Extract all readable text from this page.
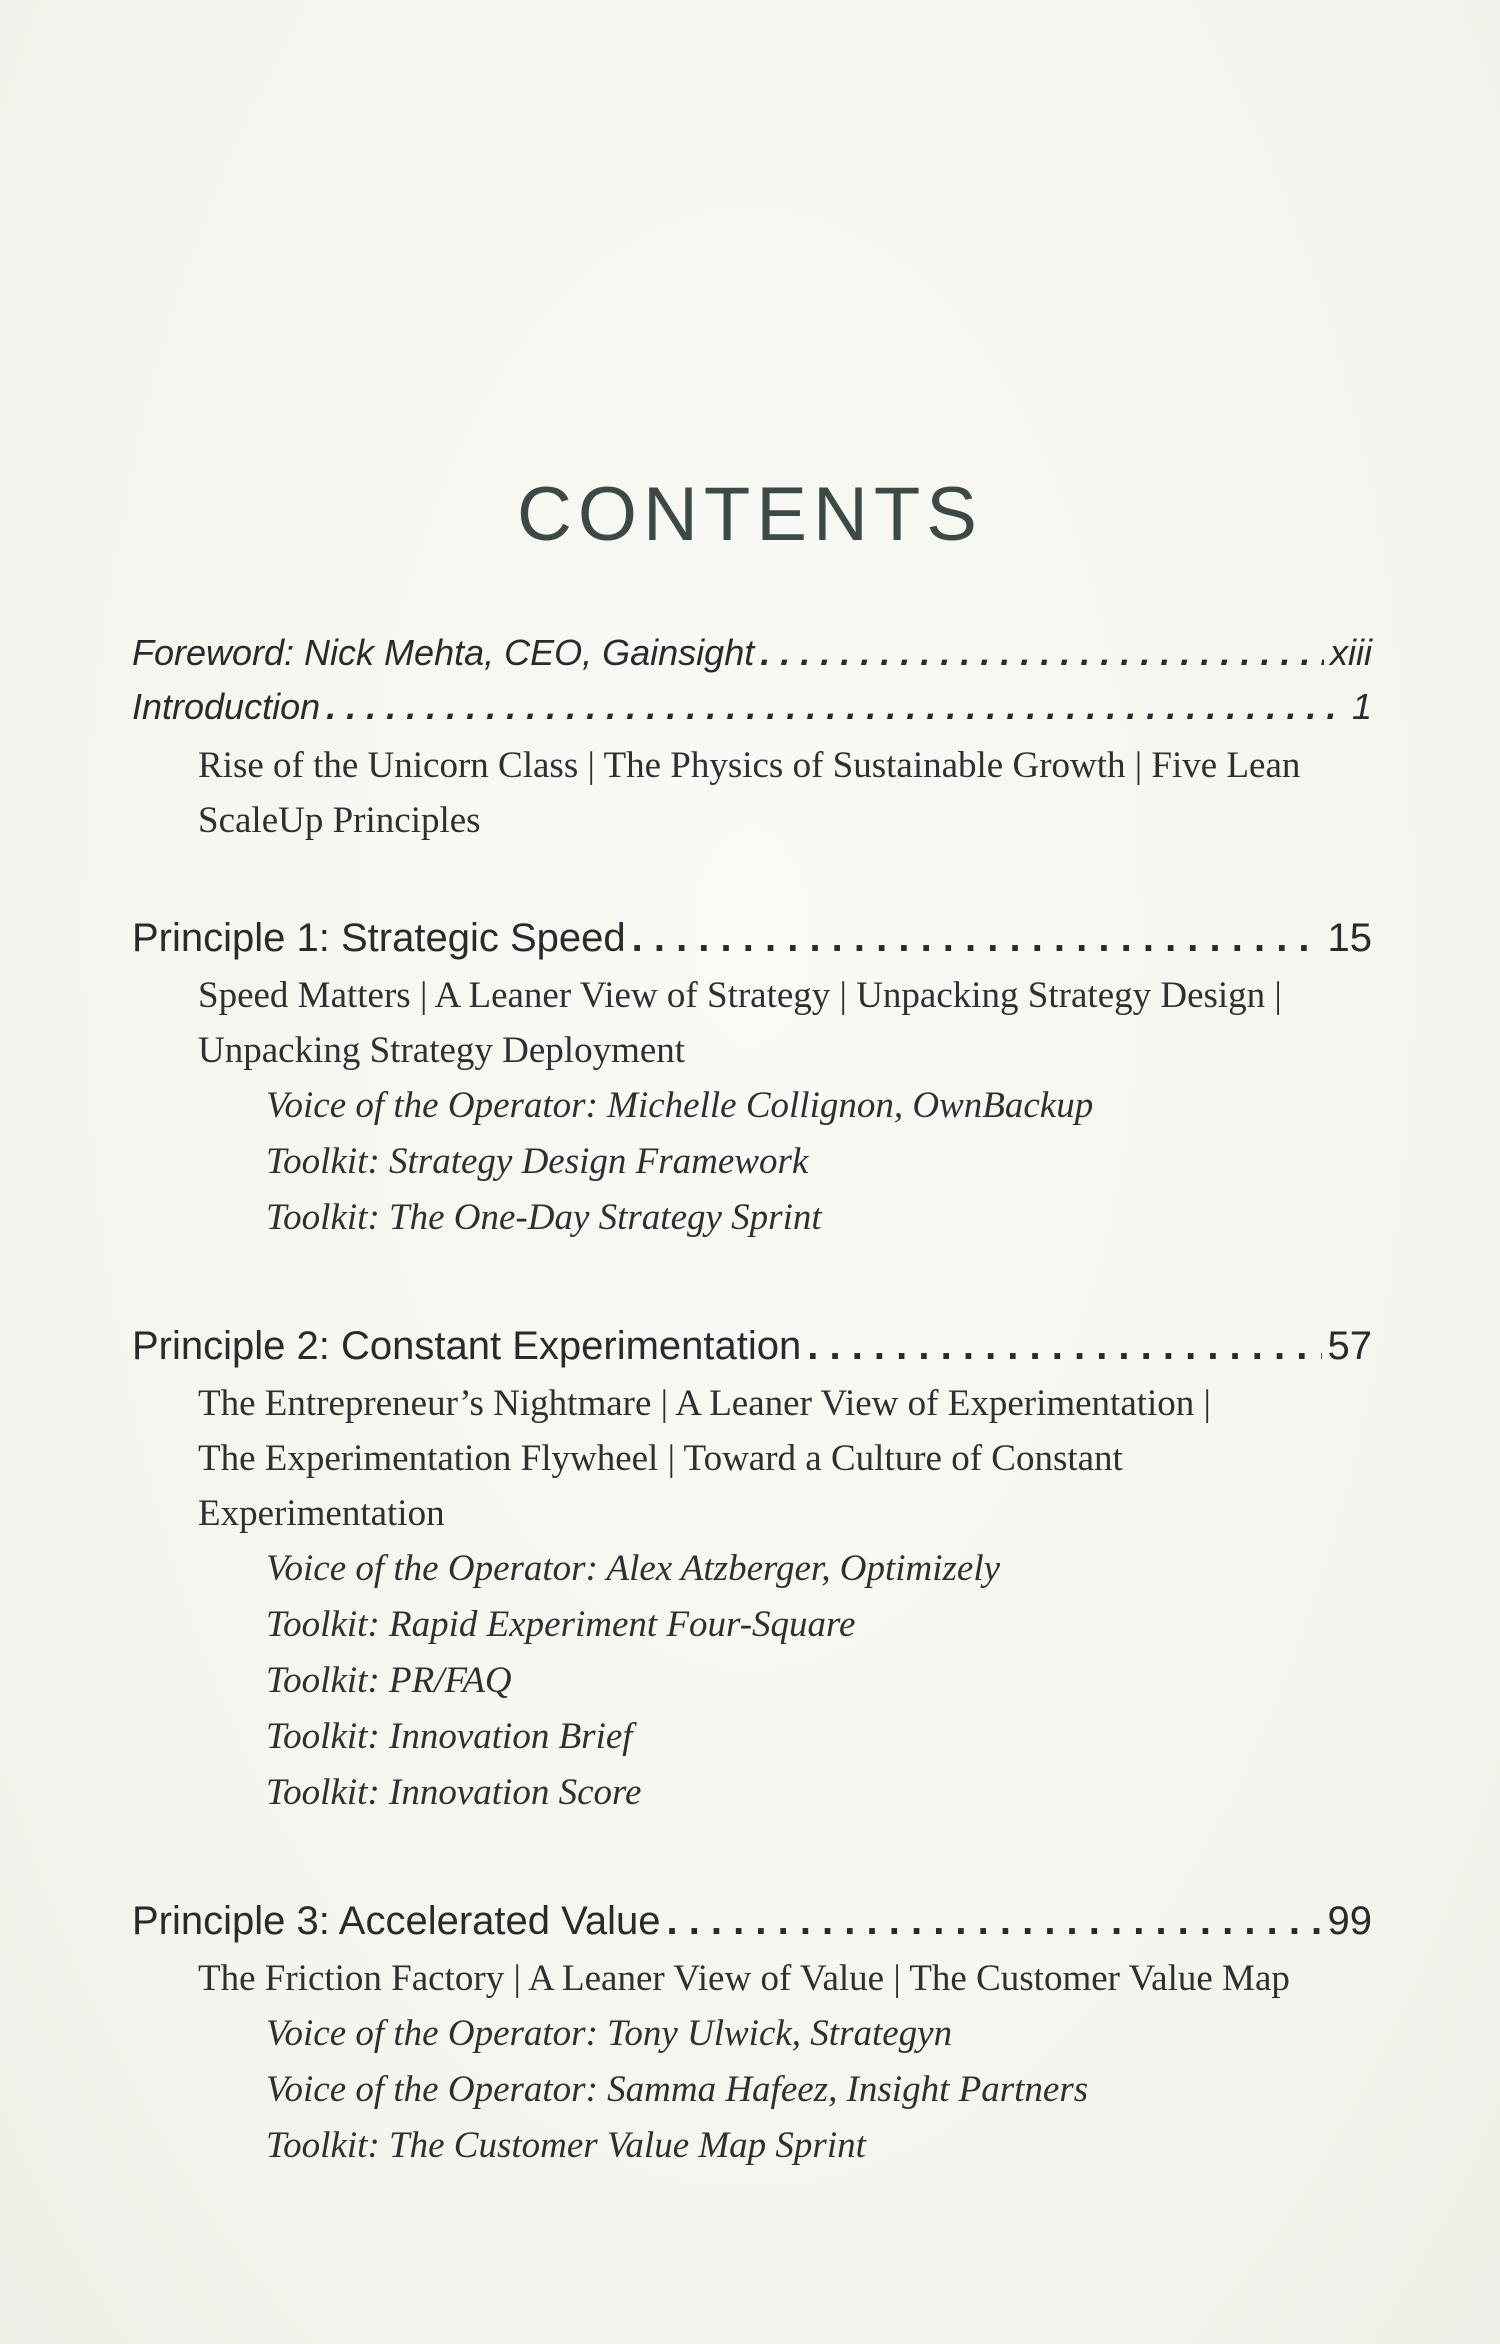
CONTENTS
Foreword: Nick Mehta, CEO, Gainsight . . .	xiii
Introduction . . .	1
Rise of the Unicorn Class | The Physics of Sustainable Growth | Five Lean
ScaleUp Principles
Principle 1: Strategic Speed . . .	15
Speed Matters | A Leaner View of Strategy | Unpacking Strategy Design |
Unpacking Strategy Deployment
Voice of the Operator: Michelle Collignon, OwnBackup
Toolkit: Strategy Design Framework
Toolkit: The One-Day Strategy Sprint
Principle 2: Constant Experimentation . . .	57
The Entrepreneur’s Nightmare | A Leaner View of Experimentation |
The Experimentation Flywheel | Toward a Culture of Constant
Experimentation
Voice of the Operator: Alex Atzberger, Optimizely
Toolkit: Rapid Experiment Four-Square
Toolkit: PR/FAQ
Toolkit: Innovation Brief
Toolkit: Innovation Score
Principle 3: Accelerated Value . . .	99
The Friction Factory | A Leaner View of Value | The Customer Value Map
Voice of the Operator: Tony Ulwick, Strategyn
Voice of the Operator: Samma Hafeez, Insight Partners
Toolkit: The Customer Value Map Sprint
